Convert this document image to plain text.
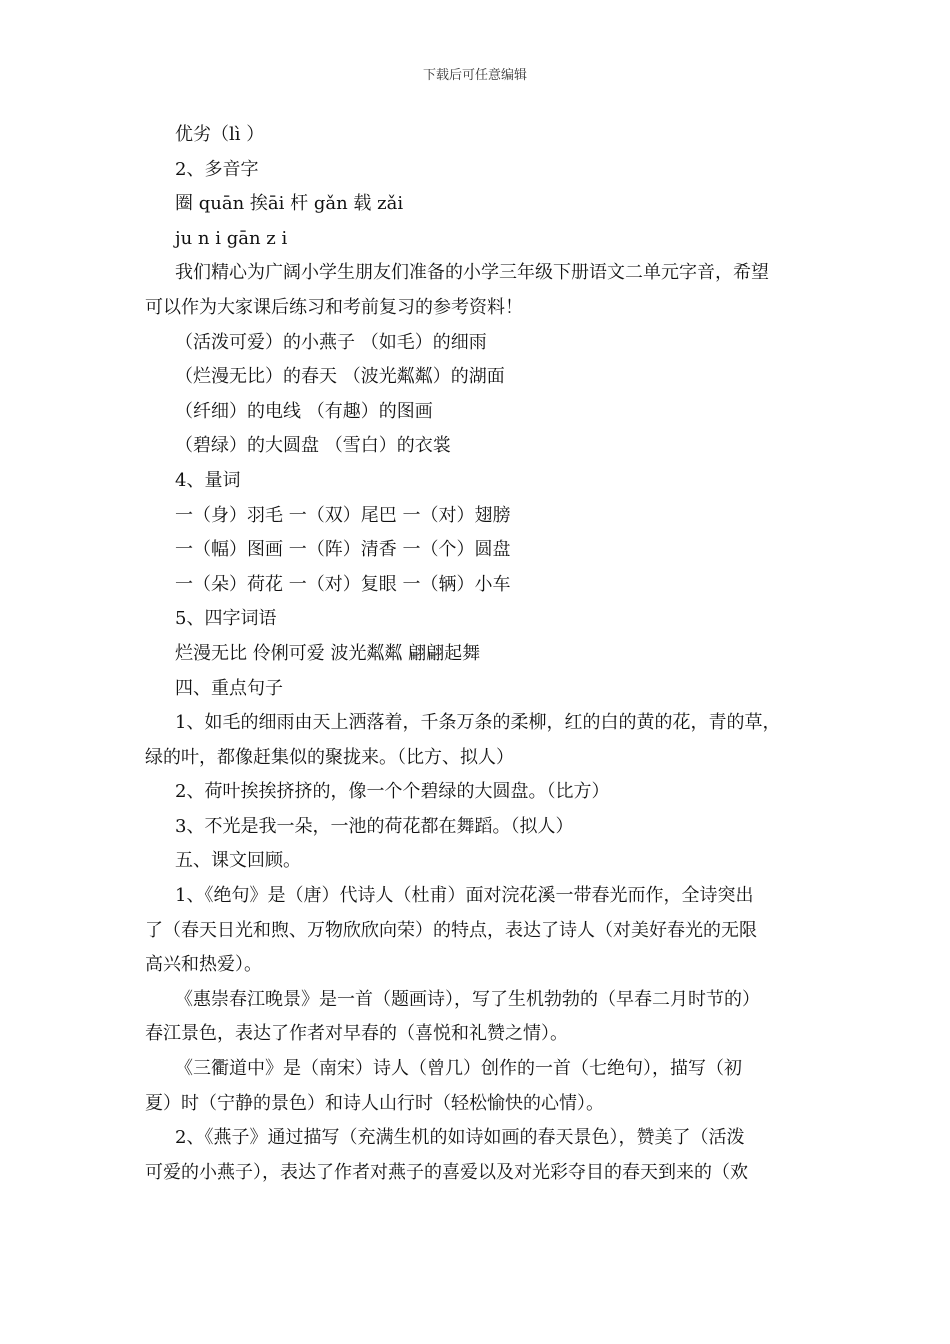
下载后可任意编辑
优劣（lì ）
2、多音字
圈 quān 挨āi 杆 gǎn 载 zǎi
ju n i gān z i
我们精心为广阔小学生朋友们准备的小学三年级下册语文二单元字音，希望
可以作为大家课后练习和考前复习的参考资料！
（活泼可爱）的小燕子 （如毛）的细雨
（烂漫无比）的春天 （波光粼粼）的湖面
（纤细）的电线 （有趣）的图画
（碧绿）的大圆盘 （雪白）的衣裳
4、量词
一（身）羽毛 一（双）尾巴 一（对）翅膀
一（幅）图画 一（阵）清香 一（个）圆盘
一（朵）荷花 一（对）复眼 一（辆）小车
5、四字词语
烂漫无比 伶俐可爱 波光粼粼 翩翩起舞
四、重点句子
1、如毛的细雨由天上洒落着，千条万条的柔柳，红的白的黄的花，青的草，
绿的叶，都像赶集似的聚拢来。（比方、拟人）
2、荷叶挨挨挤挤的，像一个个碧绿的大圆盘。（比方）
3、不光是我一朵，一池的荷花都在舞蹈。（拟人）
五、课文回顾。
1、《绝句》是（唐）代诗人（杜甫）面对浣花溪一带春光而作，全诗突出
了（春天日光和煦、万物欣欣向荣）的特点，表达了诗人（对美好春光的无限
高兴和热爱）。
《惠崇春江晚景》是一首（题画诗），写了生机勃勃的（早春二月时节的）
春江景色，表达了作者对早春的（喜悦和礼赞之情）。
《三衢道中》是（南宋）诗人（曾几）创作的一首（七绝句），描写（初
夏）时（宁静的景色）和诗人山行时（轻松愉快的心情）。
2、《燕子》通过描写（充满生机的如诗如画的春天景色），赞美了（活泼
可爱的小燕子），表达了作者对燕子的喜爱以及对光彩夺目的春天到来的（欢
